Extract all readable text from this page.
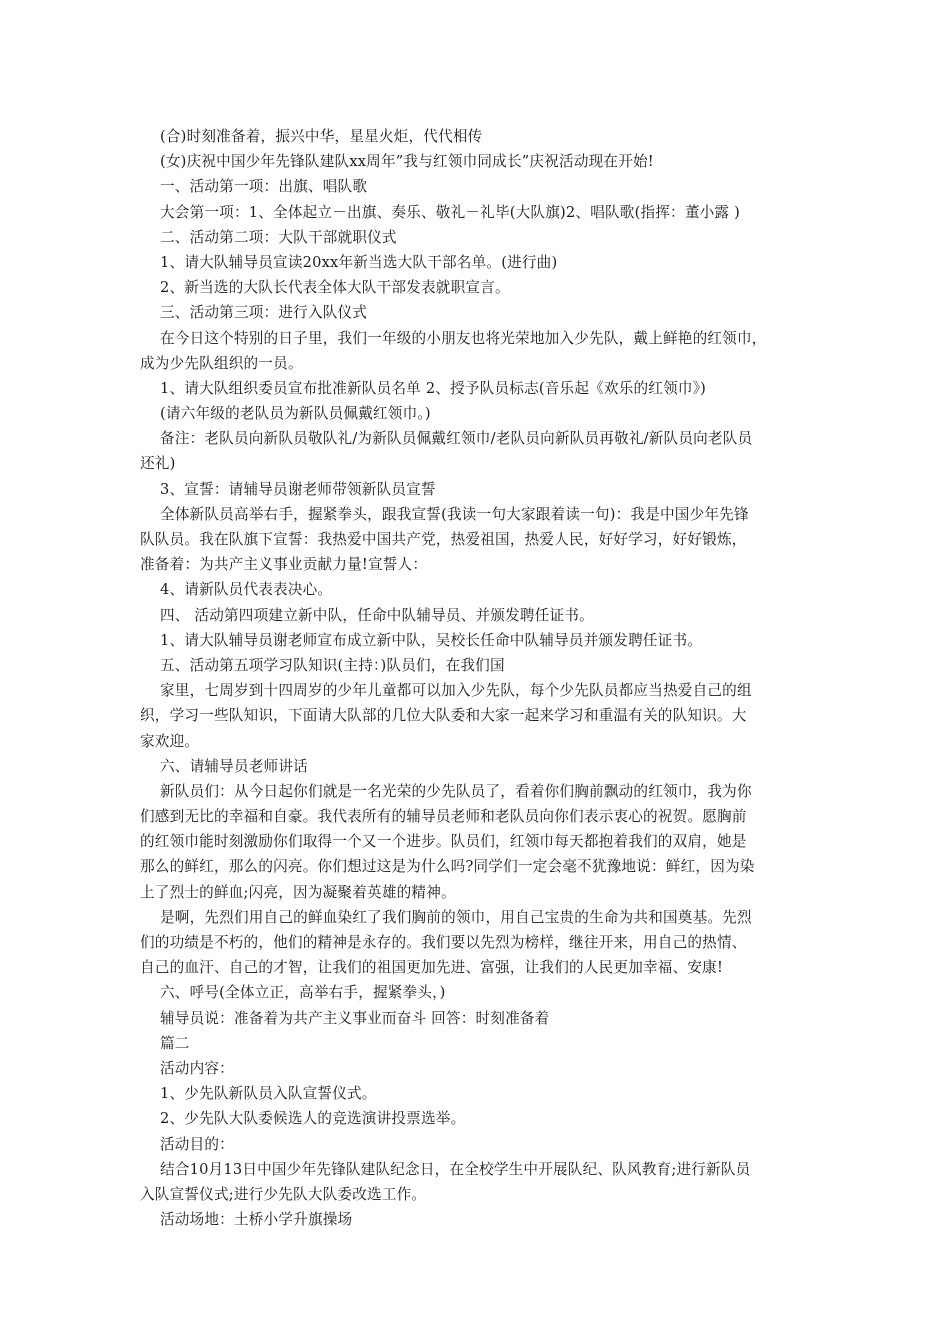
(合)时刻准备着，振兴中华，星星火炬，代代相传
(女)庆祝中国少年先锋队建队xx周年”我与红领巾同成长”庆祝活动现在开始!
一、活动第一项：出旗、唱队歌
大会第一项：1、全体起立－出旗、奏乐、敬礼－礼毕(大队旗)2、唱队歌(指挥：董小露 )
二、活动第二项：大队干部就职仪式
1、请大队辅导员宣读20xx年新当选大队干部名单。(进行曲)
2、新当选的大队长代表全体大队干部发表就职宣言。
三、活动第三项：进行入队仪式
在今日这个特别的日子里，我们一年级的小朋友也将光荣地加入少先队，戴上鲜艳的红领巾，
成为少先队组织的一员。
1、请大队组织委员宣布批准新队员名单 2、授予队员标志(音乐起《欢乐的红领巾》)
(请六年级的老队员为新队员佩戴红领巾。)
备注：老队员向新队员敬队礼/为新队员佩戴红领巾/老队员向新队员再敬礼/新队员向老队员
还礼)
3、宣誓：请辅导员谢老师带领新队员宣誓
全体新队员高举右手，握紧拳头，跟我宣誓(我读一句大家跟着读一句)：我是中国少年先锋
队队员。我在队旗下宣誓：我热爱中国共产党，热爱祖国，热爱人民，好好学习，好好锻炼，
准备着：为共产主义事业贡献力量!宣誓人：
4、请新队员代表表决心。
四、 活动第四项建立新中队，任命中队辅导员、并颁发聘任证书。
1、请大队辅导员谢老师宣布成立新中队，吴校长任命中队辅导员并颁发聘任证书。
五、活动第五项学习队知识(主持：)队员们，在我们国
家里，七周岁到十四周岁的少年儿童都可以加入少先队，每个少先队员都应当热爱自己的组
织，学习一些队知识，下面请大队部的几位大队委和大家一起来学习和重温有关的队知识。大
家欢迎。
六、请辅导员老师讲话
新队员们：从今日起你们就是一名光荣的少先队员了，看着你们胸前飘动的红领巾，我为你
们感到无比的幸福和自豪。我代表所有的辅导员老师和老队员向你们表示衷心的祝贺。愿胸前
的红领巾能时刻激励你们取得一个又一个进步。队员们，红领巾每天都抱着我们的双肩，她是
那么的鲜红，那么的闪亮。你们想过这是为什么吗?同学们一定会毫不犹豫地说：鲜红，因为染
上了烈士的鲜血;闪亮，因为凝聚着英雄的精神。
是啊，先烈们用自己的鲜血染红了我们胸前的领巾，用自己宝贵的生命为共和国奠基。先烈
们的功绩是不朽的，他们的精神是永存的。我们要以先烈为榜样，继往开来，用自己的热情、
自己的血汗、自己的才智，让我们的祖国更加先进、富强，让我们的人民更加幸福、安康!
六、呼号(全体立正，高举右手，握紧拳头，)
辅导员说：准备着为共产主义事业而奋斗 回答：时刻准备着
篇二
活动内容：
1、少先队新队员入队宣誓仪式。
2、少先队大队委候选人的竞选演讲投票选举。
活动目的：
结合10月13日中国少年先锋队建队纪念日，在全校学生中开展队纪、队风教育;进行新队员
入队宣誓仪式;进行少先队大队委改选工作。
活动场地：土桥小学升旗操场
